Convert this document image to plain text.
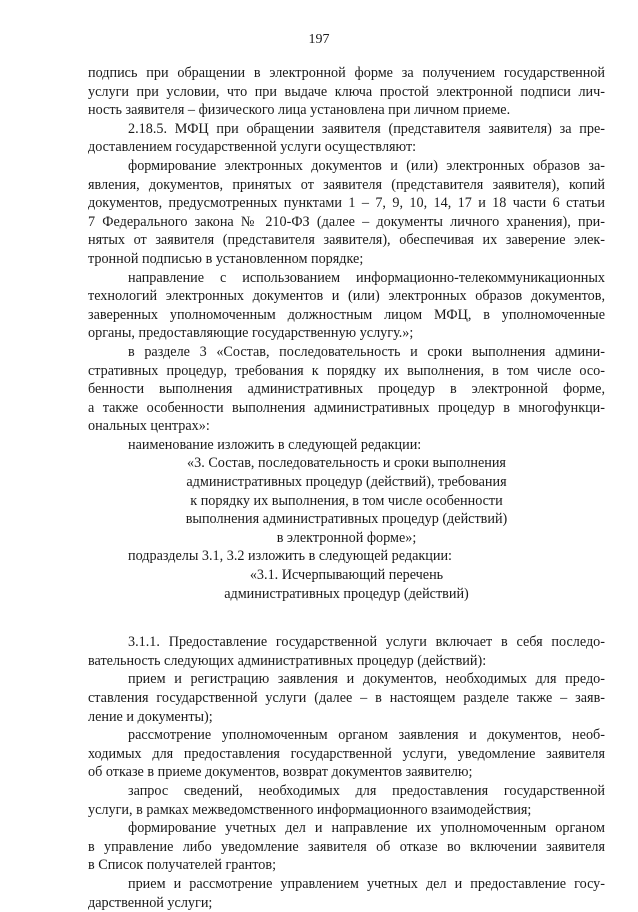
197
подпись при обращении в электронной форме за получением государственной
услуги при условии, что при выдаче ключа простой электронной подписи лич-
ность заявителя – физического лица установлена при личном приеме.
2.18.5. МФЦ при обращении заявителя (представителя заявителя) за пре-
доставлением государственной услуги осуществляют:
формирование электронных документов и (или) электронных образов за-
явления, документов, принятых от заявителя (представителя заявителя), копий
документов, предусмотренных пунктами 1 – 7, 9, 10, 14, 17 и 18 части 6 статьи
7 Федерального закона № 210-ФЗ (далее – документы личного хранения), при-
нятых от заявителя (представителя заявителя), обеспечивая их заверение элек-
тронной подписью в установленном порядке;
направление с использованием информационно-телекоммуникационных
технологий электронных документов и (или) электронных образов документов,
заверенных уполномоченным должностным лицом МФЦ, в уполномоченные
органы, предоставляющие государственную услугу.»;
в разделе 3 «Состав, последовательность и сроки выполнения админи-
стративных процедур, требования к порядку их выполнения, в том числе осо-
бенности выполнения административных процедур в электронной форме,
а также особенности выполнения административных процедур в многофункци-
ональных центрах»:
наименование изложить в следующей редакции:
«3. Состав, последовательность и сроки выполнения
административных процедур (действий), требования
к порядку их выполнения, в том числе особенности
выполнения административных процедур (действий)
в электронной форме»;
подразделы 3.1, 3.2 изложить в следующей редакции:
«3.1. Исчерпывающий перечень
административных процедур (действий)
3.1.1. Предоставление государственной услуги включает в себя последо-
вательность следующих административных процедур (действий):
прием и регистрацию заявления и документов, необходимых для предо-
ставления государственной услуги (далее – в настоящем разделе также – заяв-
ление и документы);
рассмотрение уполномоченным органом заявления и документов, необ-
ходимых для предоставления государственной услуги, уведомление заявителя
об отказе в приеме документов, возврат документов заявителю;
запрос сведений, необходимых для предоставления государственной
услуги, в рамках межведомственного информационного взаимодействия;
формирование учетных дел и направление их уполномоченным органом
в управление либо уведомление заявителя об отказе во включении заявителя
в Список получателей грантов;
прием и рассмотрение управлением учетных дел и предоставление госу-
дарственной услуги;
